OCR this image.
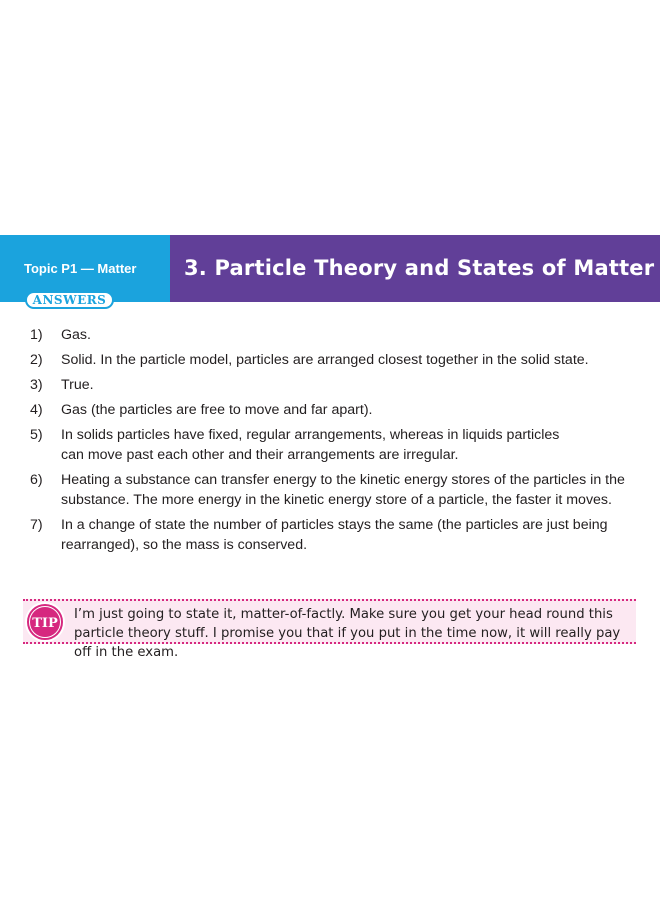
Topic P1 — Matter 3. Particle Theory and States of Matter
ANSWERS
1)	Gas.
2)	Solid. In the particle model, particles are arranged closest together in the solid state.
3)	True.
4)	Gas (the particles are free to move and far apart).
5)	In solids particles have fixed, regular arrangements, whereas in liquids particles can move past each other and their arrangements are irregular.
6)	Heating a substance can transfer energy to the kinetic energy stores of the particles in the substance. The more energy in the kinetic energy store of a particle, the faster it moves.
7)	In a change of state the number of particles stays the same (the particles are just being rearranged), so the mass is conserved.
TIP
I’m just going to state it, matter-of-factly. Make sure you get your head round this particle theory stuff. I promise you that if you put in the time now, it will really pay off in the exam.
